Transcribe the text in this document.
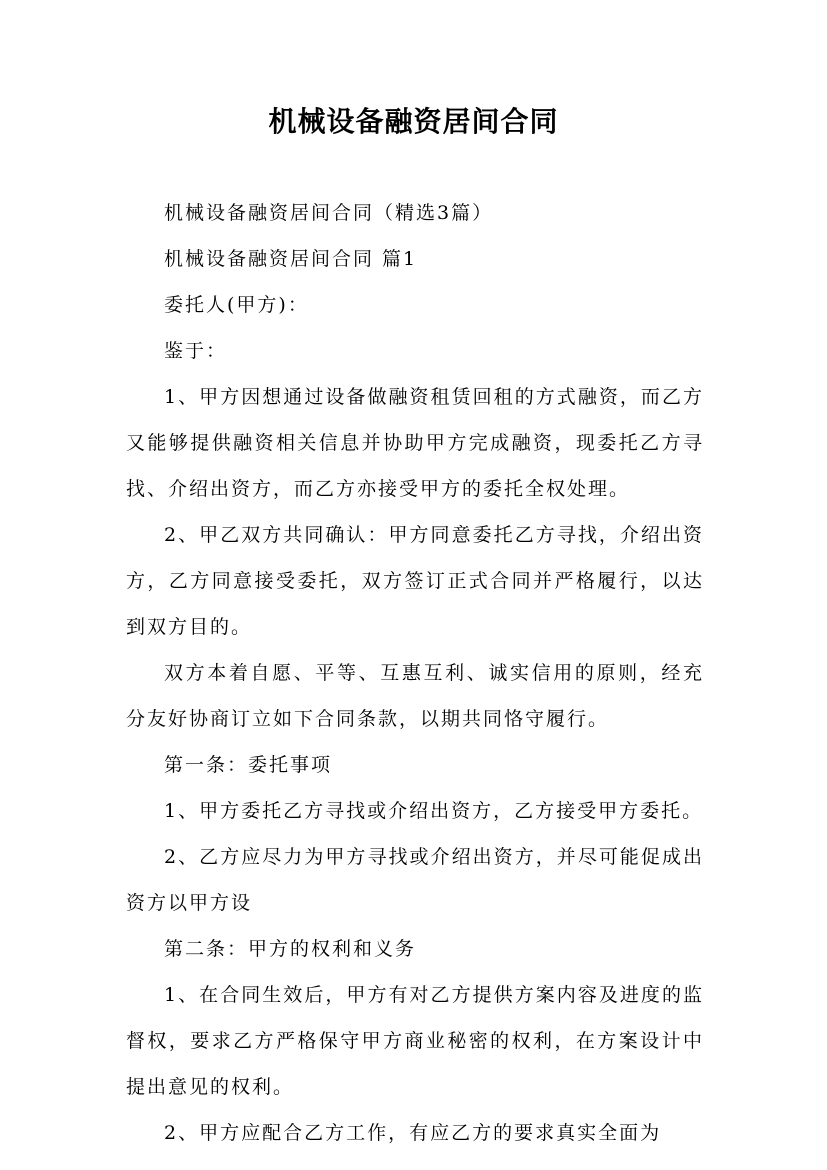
机械设备融资居间合同

机械设备融资居间合同（精选3篇）

机械设备融资居间合同 篇1

委托人(甲方)：

鉴于：

1、甲方因想通过设备做融资租赁回租的方式融资，而乙方又能够提供融资相关信息并协助甲方完成融资，现委托乙方寻找、介绍出资方，而乙方亦接受甲方的委托全权处理。

2、甲乙双方共同确认：甲方同意委托乙方寻找，介绍出资方，乙方同意接受委托，双方签订正式合同并严格履行，以达到双方目的。

双方本着自愿、平等、互惠互利、诚实信用的原则，经充分友好协商订立如下合同条款，以期共同恪守履行。

第一条：委托事项

1、甲方委托乙方寻找或介绍出资方，乙方接受甲方委托。

2、乙方应尽力为甲方寻找或介绍出资方，并尽可能促成出资方以甲方设

第二条：甲方的权利和义务

1、在合同生效后，甲方有对乙方提供方案内容及进度的监督权，要求乙方严格保守甲方商业秘密的权利，在方案设计中提出意见的权利。

2、甲方应配合乙方工作，有应乙方的要求真实全面为
